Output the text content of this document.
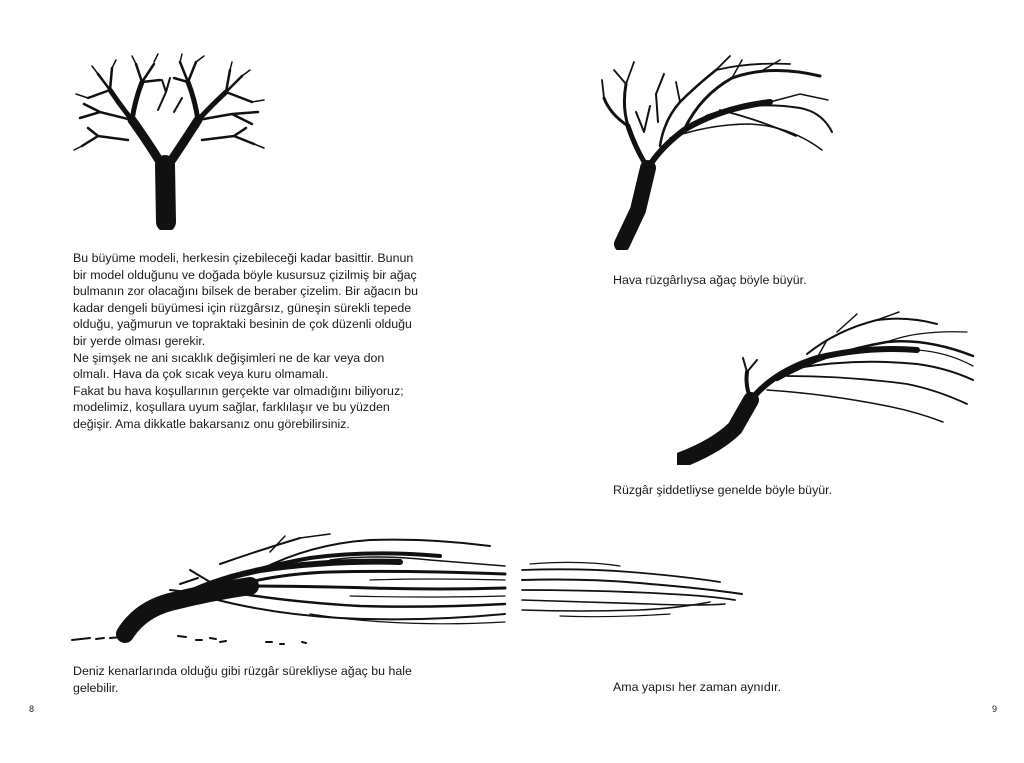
Bu büyüme modeli, herkesin çizebileceği kadar basittir. Bunun bir model olduğunu ve doğada böyle kusursuz çizilmiş bir ağaç bulmanın zor olacağını bilsek de beraber çizelim. Bir ağacın bu kadar dengeli büyümesi için rüzgârsız, güneşin sürekli tepede olduğu, yağmurun ve topraktaki besinin de çok düzenli olduğu bir yerde olması gerekir.

Ne şimşek ne ani sıcaklık değişimleri ne de kar veya don olmalı. Hava da çok sıcak veya kuru olmamalı.

Fakat bu hava koşullarının gerçekte var olmadığını biliyoruz; modelimiz, koşullara uyum sağlar, farklılaşır ve bu yüzden değişir. Ama dikkatle bakarsanız onu görebilirsiniz.

Deniz kenarlarında olduğu gibi rüzgâr sürekliyse ağaç bu hale gelebilir.
8
Hava rüzgârlıysa ağaç böyle büyür.
Rüzgâr şiddetliyse genelde böyle büyür.
Ama yapısı her zaman aynıdır.
9
